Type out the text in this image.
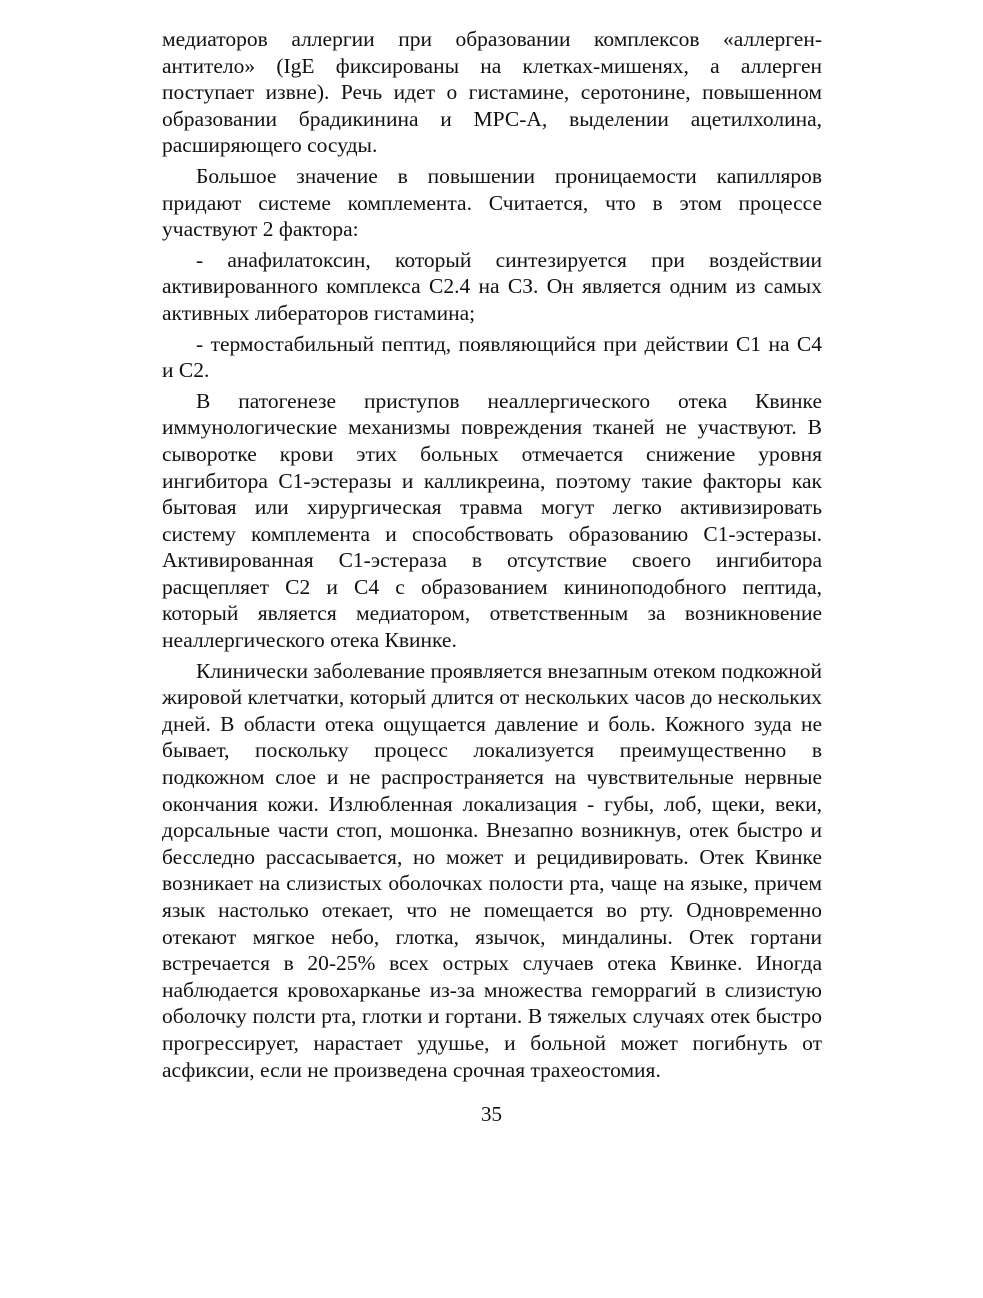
медиаторов аллергии при образовании комплексов «аллерген-антитело» (IgE фиксированы на клетках-мишенях, а аллерген поступает извне). Речь идет о гистамине, серотонине, повышенном образовании брадикинина и МРС-А, выделении ацетилхолина, расширяющего сосуды.

Большое значение в повышении проницаемости капилляров придают системе комплемента. Считается, что в этом процессе участвуют 2 фактора:

- анафилатоксин, который синтезируется при воздействии активированного комплекса С2.4 на СЗ. Он является одним из самых активных либераторов гистамина;

- термостабильный пептид, появляющийся при действии С1 на С4 и С2.

В патогенезе приступов неаллергического отека Квинке иммунологические механизмы повреждения тканей не участвуют. В сыворотке крови этих больных отмечается снижение уровня ингибитора С1-эстеразы и калликреина, поэтому такие факторы как бытовая или хирургическая травма могут легко активизировать систему комплемента и способствовать образованию С1-эстеразы. Активированная С1-эстераза в отсутствие своего ингибитора расщепляет С2 и С4 с образованием кининоподобного пептида, который является медиатором, ответственным за возникновение неаллергического отека Квинке.

Клинически заболевание проявляется внезапным отеком подкожной жировой клетчатки, который длится от нескольких часов до нескольких дней. В области отека ощущается давление и боль. Кожного зуда не бывает, поскольку процесс локализуется преимущественно в подкожном слое и не распространяется на чувствительные нервные окончания кожи. Излюбленная локализация - губы, лоб, щеки, веки, дорсальные части стоп, мошонка. Внезапно возникнув, отек быстро и бесследно рассасывается, но может и рецидивировать. Отек Квинке возникает на слизистых оболочках полости рта, чаще на языке, причем язык настолько отекает, что не помещается во рту. Одновременно отекают мягкое небо, глотка, язычок, миндалины. Отек гортани встречается в 20-25% всех острых случаев отека Квинке. Иногда наблюдается кровохарканье из-за множества геморрагий в слизистую оболочку полсти рта, глотки и гортани. В тяжелых случаях отек быстро прогрессирует, нарастает удушье, и больной может погибнуть от асфиксии, если не произведена срочная трахеостомия.

35
